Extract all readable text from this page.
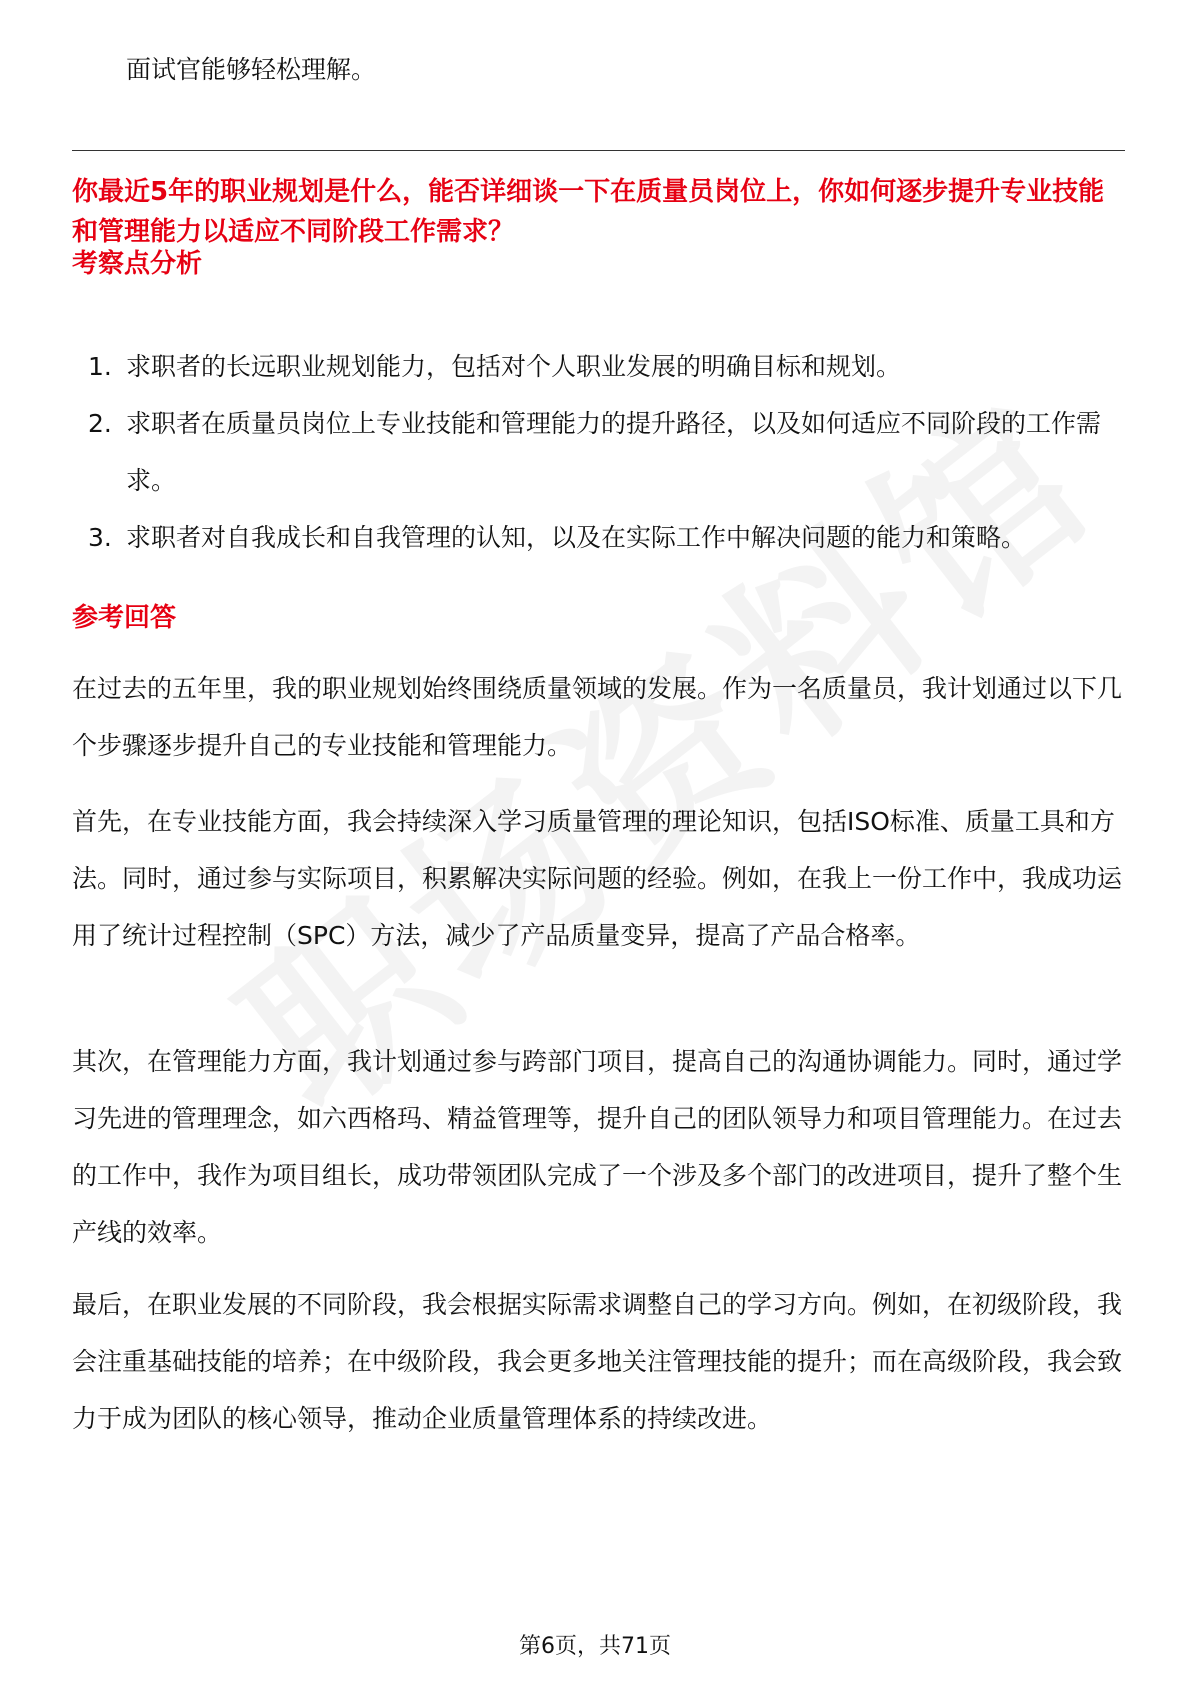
面试官能够轻松理解。
你最近5年的职业规划是什么，能否详细谈一下在质量员岗位上，你如何逐步提升专业技能和管理能力以适应不同阶段工作需求？
考察点分析
1. 求职者的长远职业规划能力，包括对个人职业发展的明确目标和规划。
2. 求职者在质量员岗位上专业技能和管理能力的提升路径，以及如何适应不同阶段的工作需求。
3. 求职者对自我成长和自我管理的认知，以及在实际工作中解决问题的能力和策略。
参考回答
在过去的五年里，我的职业规划始终围绕质量领域的发展。作为一名质量员，我计划通过以下几个步骤逐步提升自己的专业技能和管理能力。
首先，在专业技能方面，我会持续深入学习质量管理的理论知识，包括ISO标准、质量工具和方法。同时，通过参与实际项目，积累解决实际问题的经验。例如，在我上一份工作中，我成功运用了统计过程控制（SPC）方法，减少了产品质量变异，提高了产品合格率。
其次，在管理能力方面，我计划通过参与跨部门项目，提高自己的沟通协调能力。同时，通过学习先进的管理理念，如六西格玛、精益管理等，提升自己的团队领导力和项目管理能力。在过去的工作中，我作为项目组长，成功带领团队完成了一个涉及多个部门的改进项目，提升了整个生产线的效率。
最后，在职业发展的不同阶段，我会根据实际需求调整自己的学习方向。例如，在初级阶段，我会注重基础技能的培养；在中级阶段，我会更多地关注管理技能的提升；而在高级阶段，我会致力于成为团队的核心领导，推动企业质量管理体系的持续改进。
第6页，共71页
